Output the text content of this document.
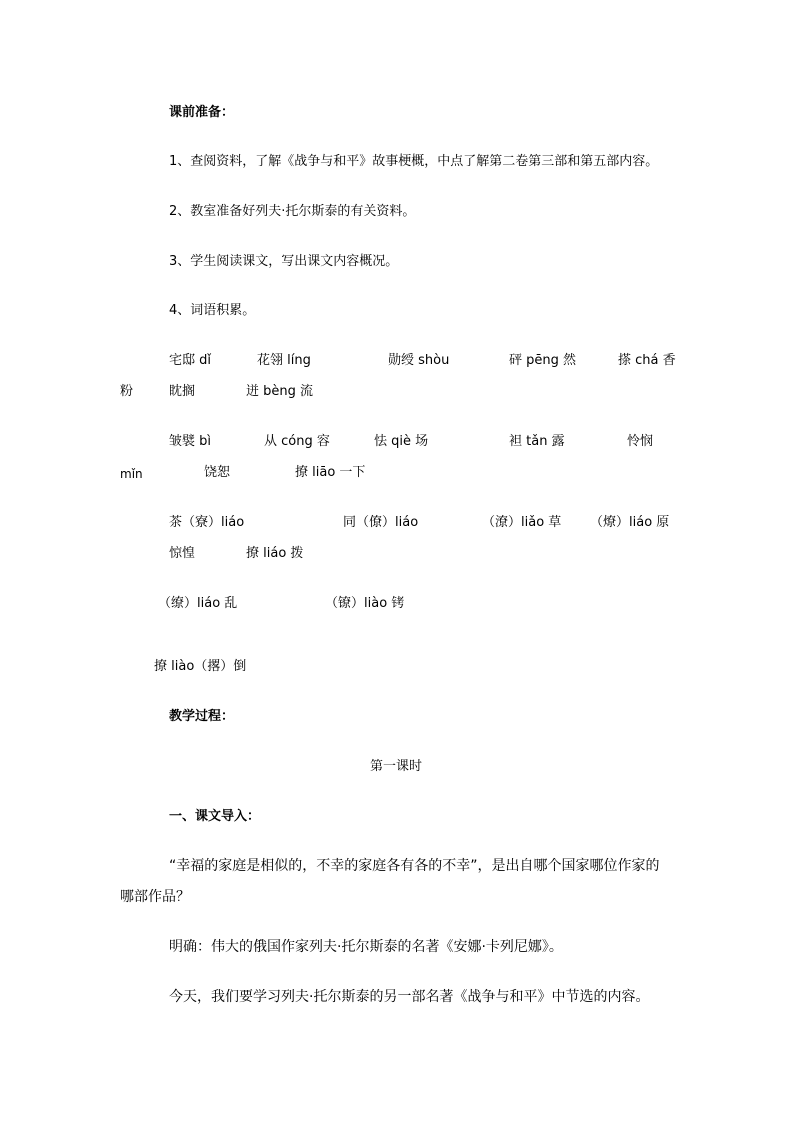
课前准备：
1、查阅资料，了解《战争与和平》故事梗概，中点了解第二卷第三部和第五部内容。
2、教室准备好列夫·托尔斯泰的有关资料。
3、学生阅读课文，写出课文内容概况。
4、词语积累。
宅邸 dǐ	花翎 líng	勋绶 shòu	砰 pēng 然	搽 chá 香
粉	眈搁	迸 bèng 流
皱襞 bì	从 cóng 容	怯 qiè 场	袒 tǎn 露	怜悯
mǐn	饶恕	撩 liāo 一下
茶（寮）liáo	同（僚）liáo	（潦）liǎo 草 （燎）liáo 原
惊惶	撩 liáo 拨
（缭）liáo 乱	（镣）liào 铐
撩 liào（撂）倒
教学过程：
第一课时
一、课文导入：
“幸福的家庭是相似的，不幸的家庭各有各的不幸”，是出自哪个国家哪位作家的
哪部作品？
明确：伟大的俄国作家列夫·托尔斯泰的名著《安娜·卡列尼娜》。
今天，我们要学习列夫·托尔斯泰的另一部名著《战争与和平》中节选的内容。
